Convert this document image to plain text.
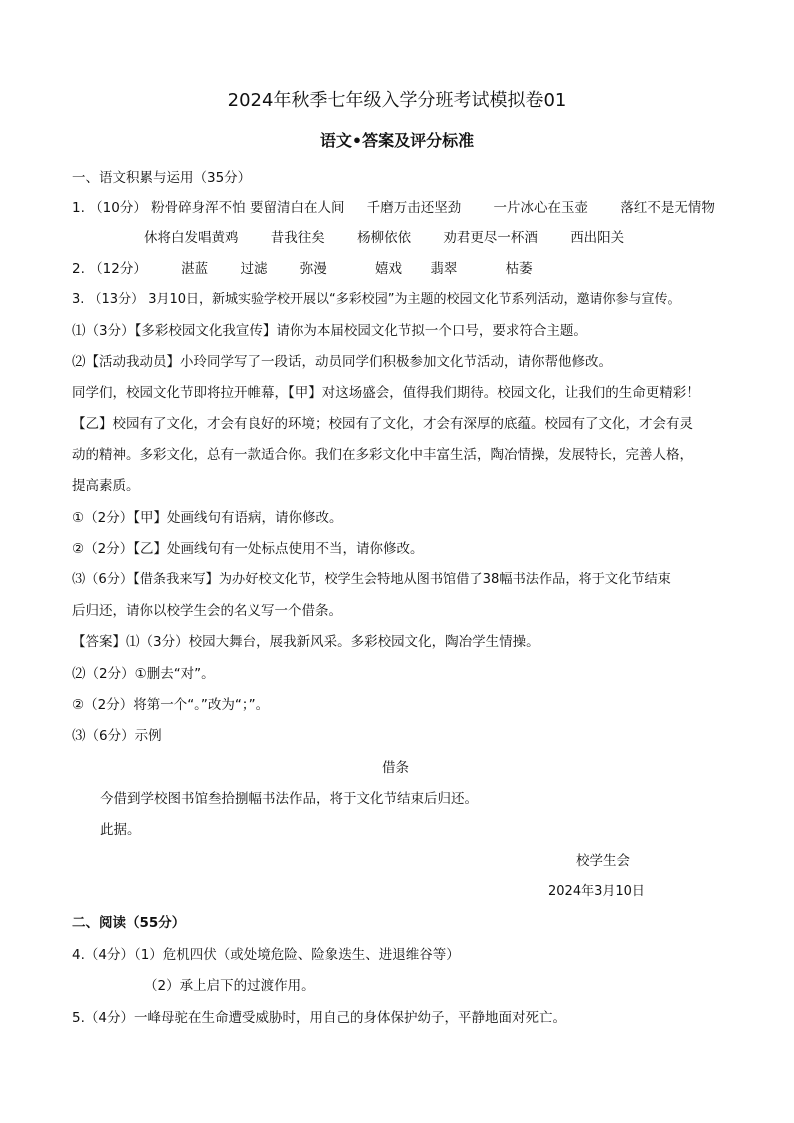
2024年秋季七年级入学分班考试模拟卷01
语文•答案及评分标准
一、语文积累与运用（35分）
1. （10分） 粉骨碎身浑不怕 要留清白在人间 千磨万击还坚劲 一片冰心在玉壶 落红不是无情物
休将白发唱黄鸡 昔我往矣 杨柳依依 劝君更尽一杯酒 西出阳关
2. （12分）	湛蓝 过滤 弥漫	嬉戏 翡翠	枯萎
3. （13分） 3月10日，新城实验学校开展以“多彩校园”为主题的校园文化节系列活动，邀请你参与宣传。
⑴（3分）【多彩校园文化我宣传】请你为本届校园文化节拟一个口号，要求符合主题。
⑵【活动我动员】小玲同学写了一段话，动员同学们积极参加文化节活动，请你帮他修改。
同学们，校园文化节即将拉开帷幕，【甲】对这场盛会，值得我们期待。校园文化，让我们的生命更精彩！
【乙】校园有了文化，才会有良好的环境；校园有了文化，才会有深厚的底蕴。校园有了文化，才会有灵
动的精神。多彩文化，总有一款适合你。我们在多彩文化中丰富生活，陶冶情操，发展特长，完善人格，
提高素质。
①（2分）【甲】处画线句有语病，请你修改。
②（2分）【乙】处画线句有一处标点使用不当，请你修改。
⑶（6分）【借条我来写】为办好校文化节，校学生会特地从图书馆借了38幅书法作品，将于文化节结束
后归还，请你以校学生会的名义写一个借条。
【答案】⑴（3分）校园大舞台，展我新风采。多彩校园文化，陶冶学生情操。
⑵（2分）①删去“对”。
②（2分）将第一个“。”改为“；”。
⑶（6分）示例
借条
今借到学校图书馆叁拾捌幅书法作品，将于文化节结束后归还。
此据。
校学生会
2024年3月10日
二、阅读（55分）
4.（4分）（1）危机四伏（或处境危险、险象迭生、进退维谷等）
（2）承上启下的过渡作用。
5.（4分）一峰母驼在生命遭受威胁时，用自己的身体保护幼子，平静地面对死亡。
